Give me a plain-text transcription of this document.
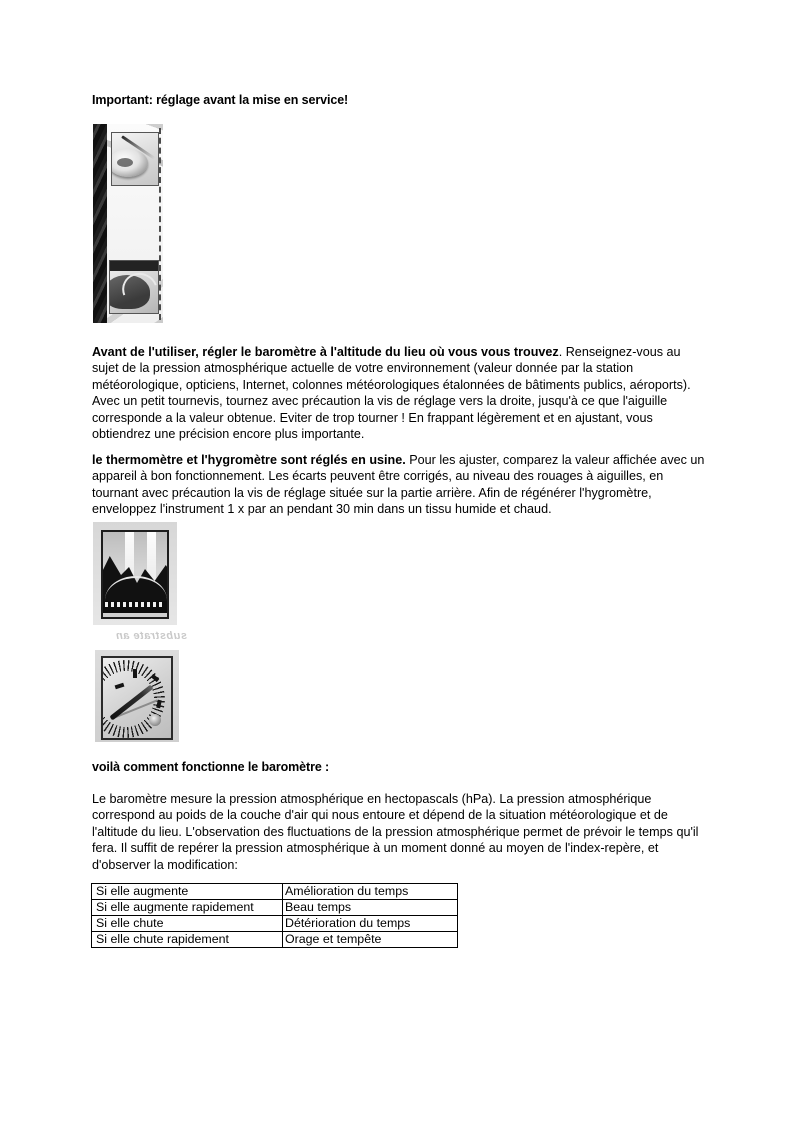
Important: réglage avant la mise en service!
Avant de l'utiliser, régler le baromètre à l'altitude du lieu où vous vous trouvez. Renseignez-vous au sujet de la pression atmosphérique actuelle de votre environnement (valeur donnée par la station météorologique, opticiens, Internet, colonnes météorologiques étalonnées de bâtiments publics, aéroports). Avec un petit tournevis, tournez avec précaution la vis de réglage vers la droite, jusqu'à ce que l'aiguille corresponde a la valeur obtenue. Eviter de trop tourner ! En frappant légèrement et en ajustant, vous obtiendrez une précision encore plus importante.
le thermomètre et l'hygromètre sont réglés en usine. Pour les ajuster, comparez la valeur affichée avec un appareil à bon fonctionnement. Les écarts peuvent être corrigés, au niveau des rouages à aiguilles, en tournant avec précaution la vis de réglage située sur la partie arrière. Afin de régénérer l'hygromètre, enveloppez l'instrument 1 x par an pendant 30 min dans un tissu humide et chaud.
substrate an
voilà comment fonctionne le baromètre :
Le baromètre mesure la pression atmosphérique en hectopascals (hPa). La pression atmosphérique correspond au poids de la couche d'air qui nous entoure et dépend de la situation météorologique et de l'altitude du lieu. L'observation des fluctuations de la pression atmosphérique permet de prévoir le temps qu'il fera. Il suffit de repérer la pression atmosphérique à un moment donné au moyen de l'index-repère, et d'observer la modification:
Si elle augmente	Amélioration du temps
Si elle augmente rapidement	Beau temps
Si elle chute	Détérioration du temps
Si elle chute rapidement	Orage et tempête
